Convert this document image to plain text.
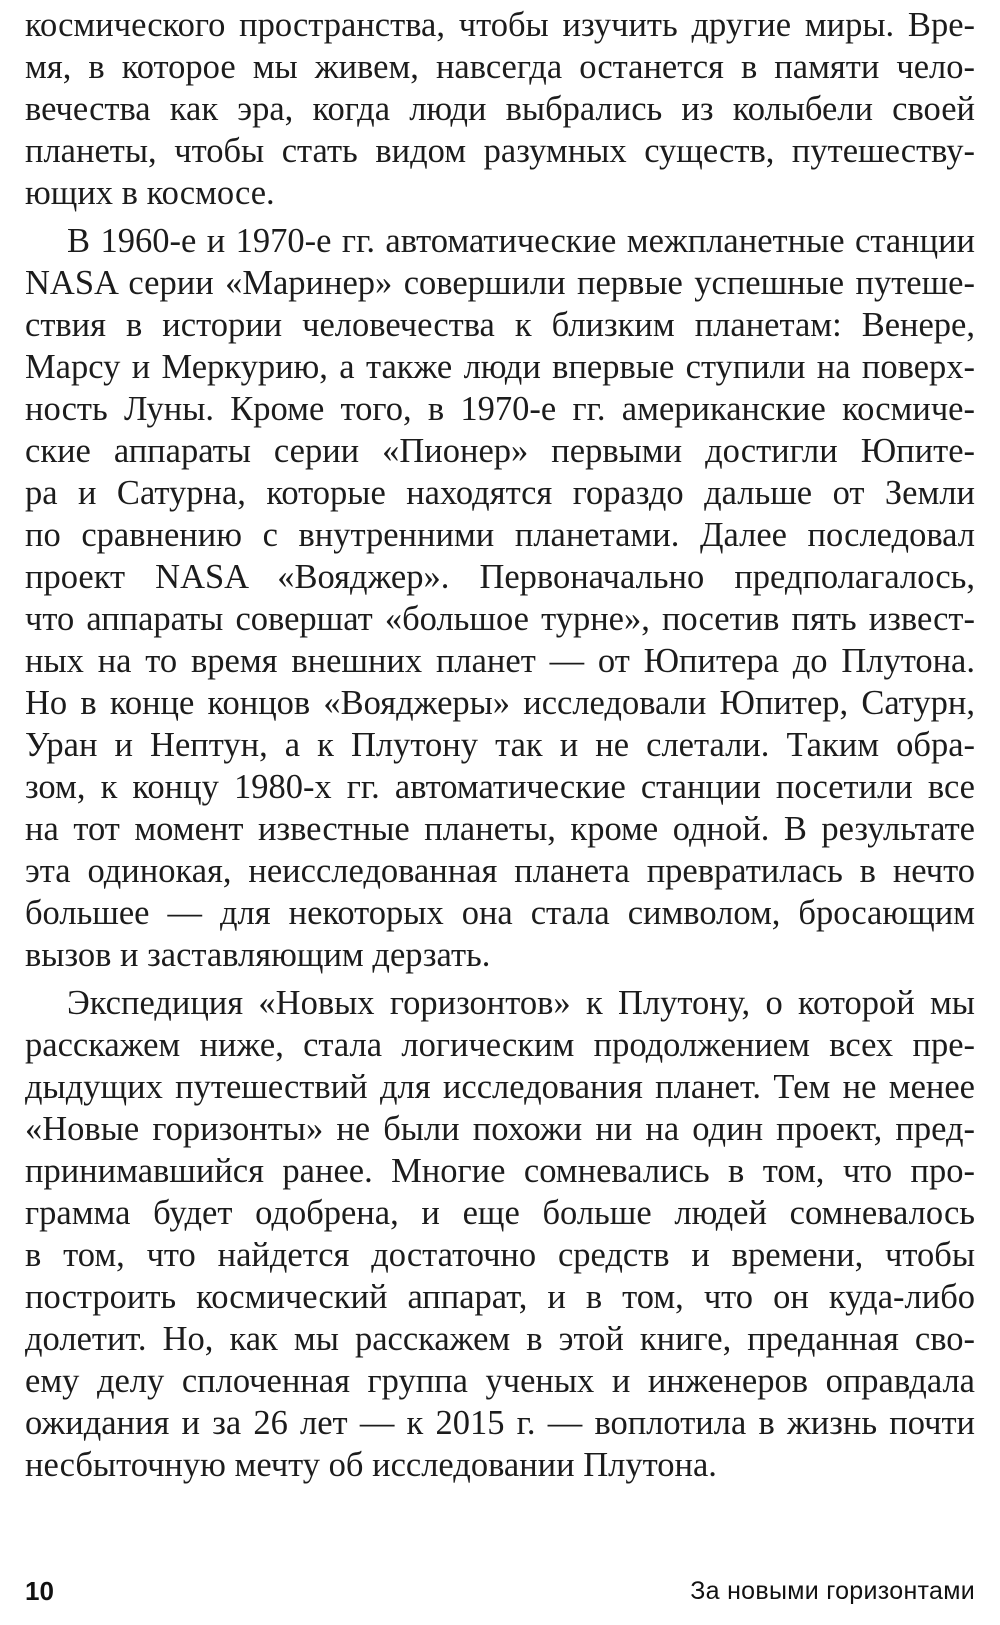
космического пространства, чтобы изучить другие миры. Вре-
мя, в которое мы живем, навсегда останется в памяти чело-
вечества как эра, когда люди выбрались из колыбели своей
планеты, чтобы стать видом разумных существ, путешеству-
ющих в космосе.

В 1960-е и 1970-е гг. автоматические межпланетные станции
NASA серии «Маринер» совершили первые успешные путеше-
ствия в истории человечества к близким планетам: Венере,
Марсу и Меркурию, а также люди впервые ступили на поверх-
ность Луны. Кроме того, в 1970-е гг. американские космиче-
ские аппараты серии «Пионер» первыми достигли Юпите-
ра и Сатурна, которые находятся гораздо дальше от Земли
по сравнению с внутренними планетами. Далее последовал
проект NASA «Вояджер». Первоначально предполагалось,
что аппараты совершат «большое турне», посетив пять извест-
ных на то время внешних планет — от Юпитера до Плутона.
Но в конце концов «Вояджеры» исследовали Юпитер, Сатурн,
Уран и Нептун, а к Плутону так и не слетали. Таким обра-
зом, к концу 1980-х гг. автоматические станции посетили все
на тот момент известные планеты, кроме одной. В результате
эта одинокая, неисследованная планета превратилась в нечто
большее — для некоторых она стала символом, бросающим
вызов и заставляющим дерзать.

Экспедиция «Новых горизонтов» к Плутону, о которой мы
расскажем ниже, стала логическим продолжением всех пре-
дыдущих путешествий для исследования планет. Тем не менее
«Новые горизонты» не были похожи ни на один проект, пред-
принимавшийся ранее. Многие сомневались в том, что про-
грамма будет одобрена, и еще больше людей сомневалось
в том, что найдется достаточно средств и времени, чтобы
построить космический аппарат, и в том, что он куда-либо
долетит. Но, как мы расскажем в этой книге, преданная сво-
ему делу сплоченная группа ученых и инженеров оправдала
ожидания и за 26 лет — к 2015 г. — воплотила в жизнь почти
несбыточную мечту об исследовании Плутона.

10	За новыми горизонтами
